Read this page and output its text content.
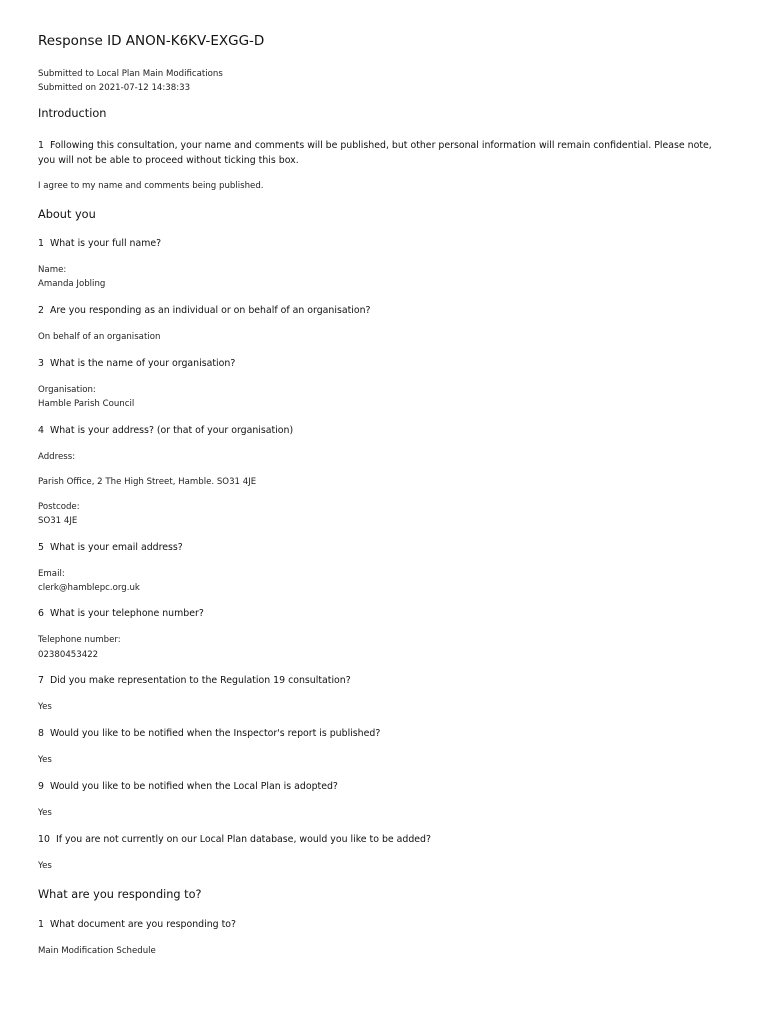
Response ID ANON-K6KV-EXGG-D
Submitted to Local Plan Main Modifications
Submitted on 2021-07-12 14:38:33
Introduction
1 Following this consultation, your name and comments will be published, but other personal information will remain confidential. Please note, you will not be able to proceed without ticking this box.
I agree to my name and comments being published.
About you
1 What is your full name?
Name:
Amanda Jobling
2 Are you responding as an individual or on behalf of an organisation?
On behalf of an organisation
3 What is the name of your organisation?
Organisation:
Hamble Parish Council
4 What is your address? (or that of your organisation)
Address:
Parish Office, 2 The High Street, Hamble. SO31 4JE
Postcode:
SO31 4JE
5 What is your email address?
Email:
clerk@hamblepc.org.uk
6 What is your telephone number?
Telephone number:
02380453422
7 Did you make representation to the Regulation 19 consultation?
Yes
8 Would you like to be notified when the Inspector's report is published?
Yes
9 Would you like to be notified when the Local Plan is adopted?
Yes
10 If you are not currently on our Local Plan database, would you like to be added?
Yes
What are you responding to?
1 What document are you responding to?
Main Modification Schedule
